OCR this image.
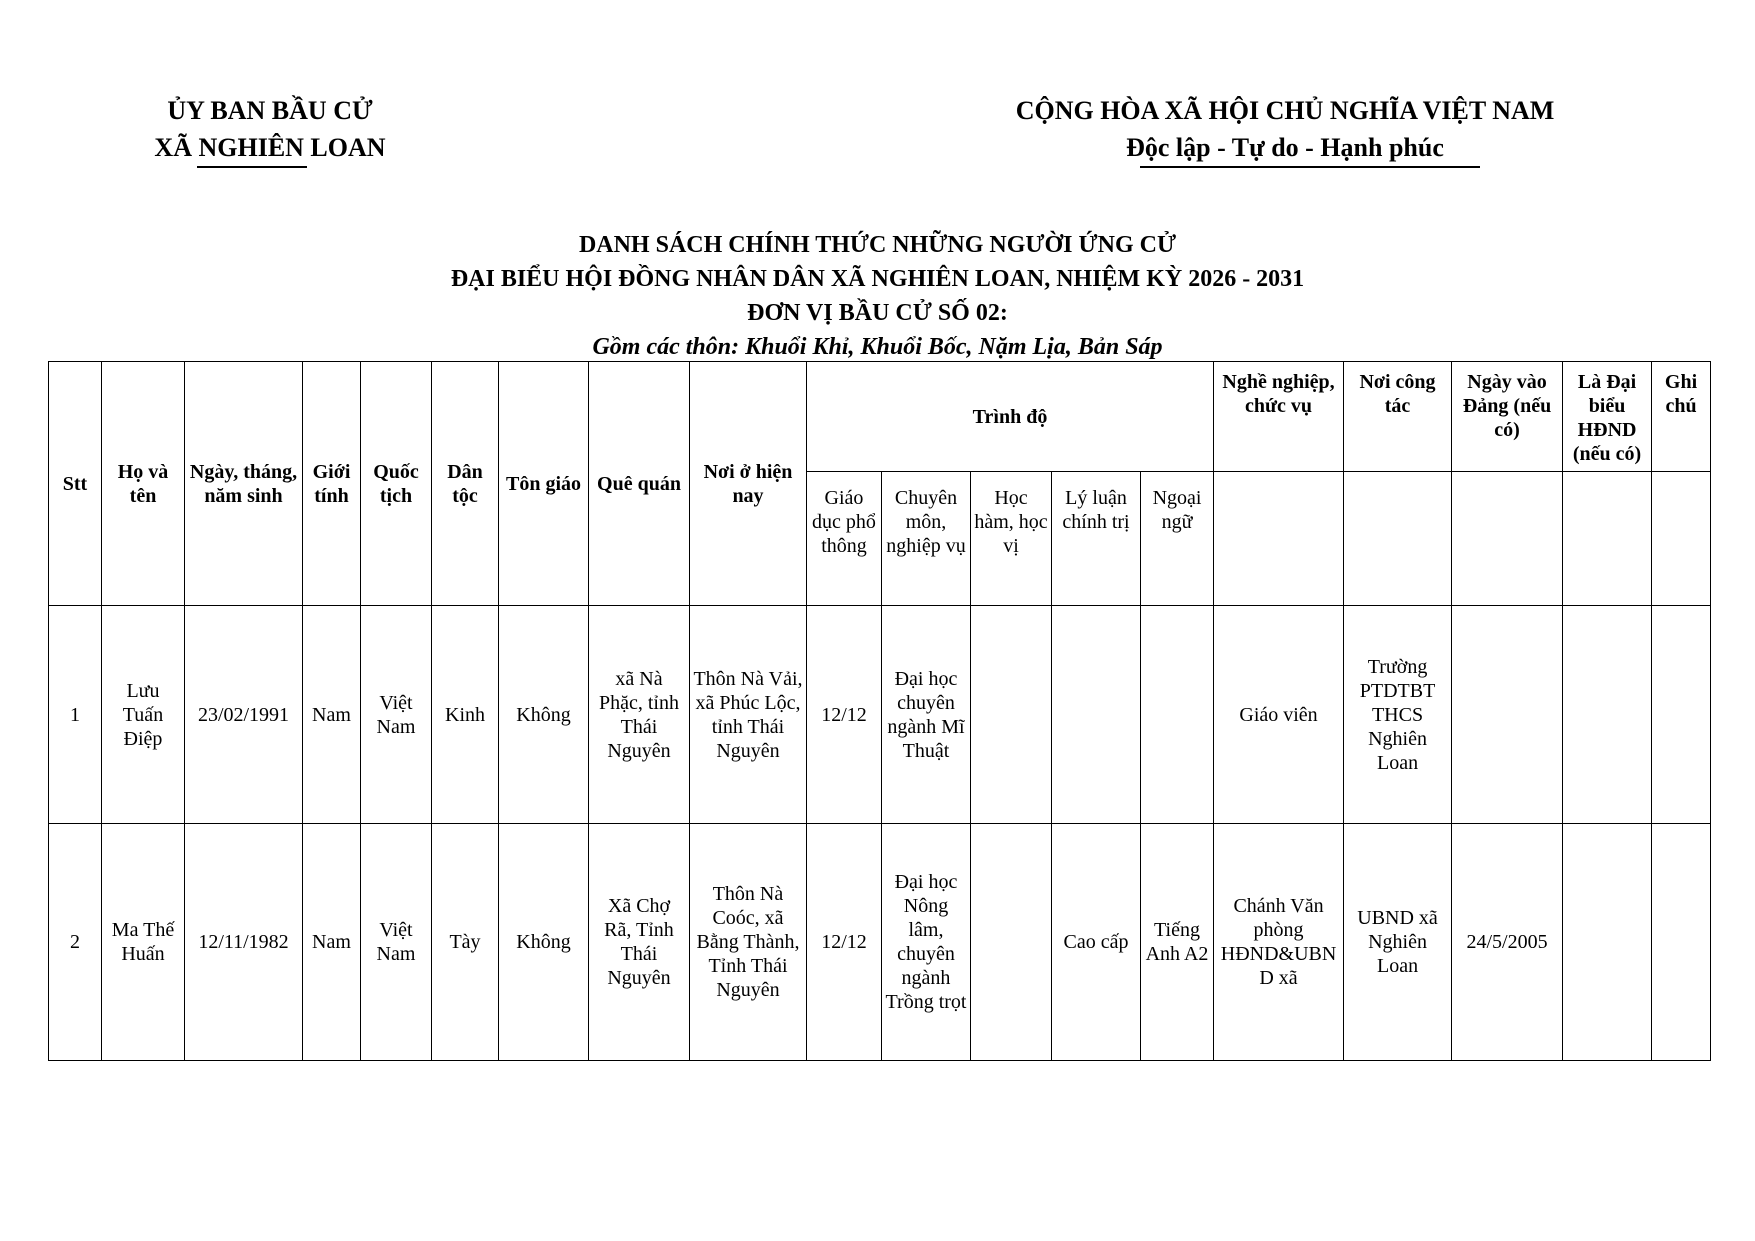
ỦY BAN BẦU CỬ
XÃ NGHIÊN LOAN
CỘNG HÒA XÃ HỘI CHỦ NGHĨA VIỆT NAM
Độc lập - Tự do - Hạnh phúc
DANH SÁCH CHÍNH THỨC NHỮNG NGƯỜI ỨNG CỬ
ĐẠI BIỂU HỘI ĐỒNG NHÂN DÂN XÃ NGHIÊN LOAN, NHIỆM KỲ 2026 - 2031
ĐƠN VỊ BẦU CỬ SỐ 02:
Gồm các thôn: Khuổi Khỉ, Khuổi Bốc, Nặm Lịa, Bản Sáp
Stt	Họ và tên	Ngày, tháng, năm sinh	Giới tính	Quốc tịch	Dân tộc	Tôn giáo	Quê quán	Nơi ở hiện nay	Trình độ					Nghề nghiệp, chức vụ	Nơi công tác	Ngày vào Đảng (nếu có)	Là Đại biểu HĐND (nếu có)	Ghi chú
									Giáo dục phổ thông	Chuyên môn, nghiệp vụ	Học hàm, học vị	Lý luận chính trị	Ngoại ngữ					
1	Lưu Tuấn Điệp	23/02/1991	Nam	Việt Nam	Kinh	Không	xã Nà Phặc, tỉnh Thái Nguyên	Thôn Nà Vải, xã Phúc Lộc, tỉnh Thái Nguyên	12/12	Đại học chuyên ngành Mĩ Thuật				Giáo viên	Trường PTDTBT THCS Nghiên Loan			
2	Ma Thế Huấn	12/11/1982	Nam	Việt Nam	Tày	Không	Xã Chợ Rã, Tỉnh Thái Nguyên	Thôn Nà Coóc, xã Bằng Thành, Tỉnh Thái Nguyên	12/12	Đại học Nông lâm, chuyên ngành Trồng trọt		Cao cấp	Tiếng Anh A2	Chánh Văn phòng HĐND&UBND xã	UBND xã Nghiên Loan	24/5/2005		
